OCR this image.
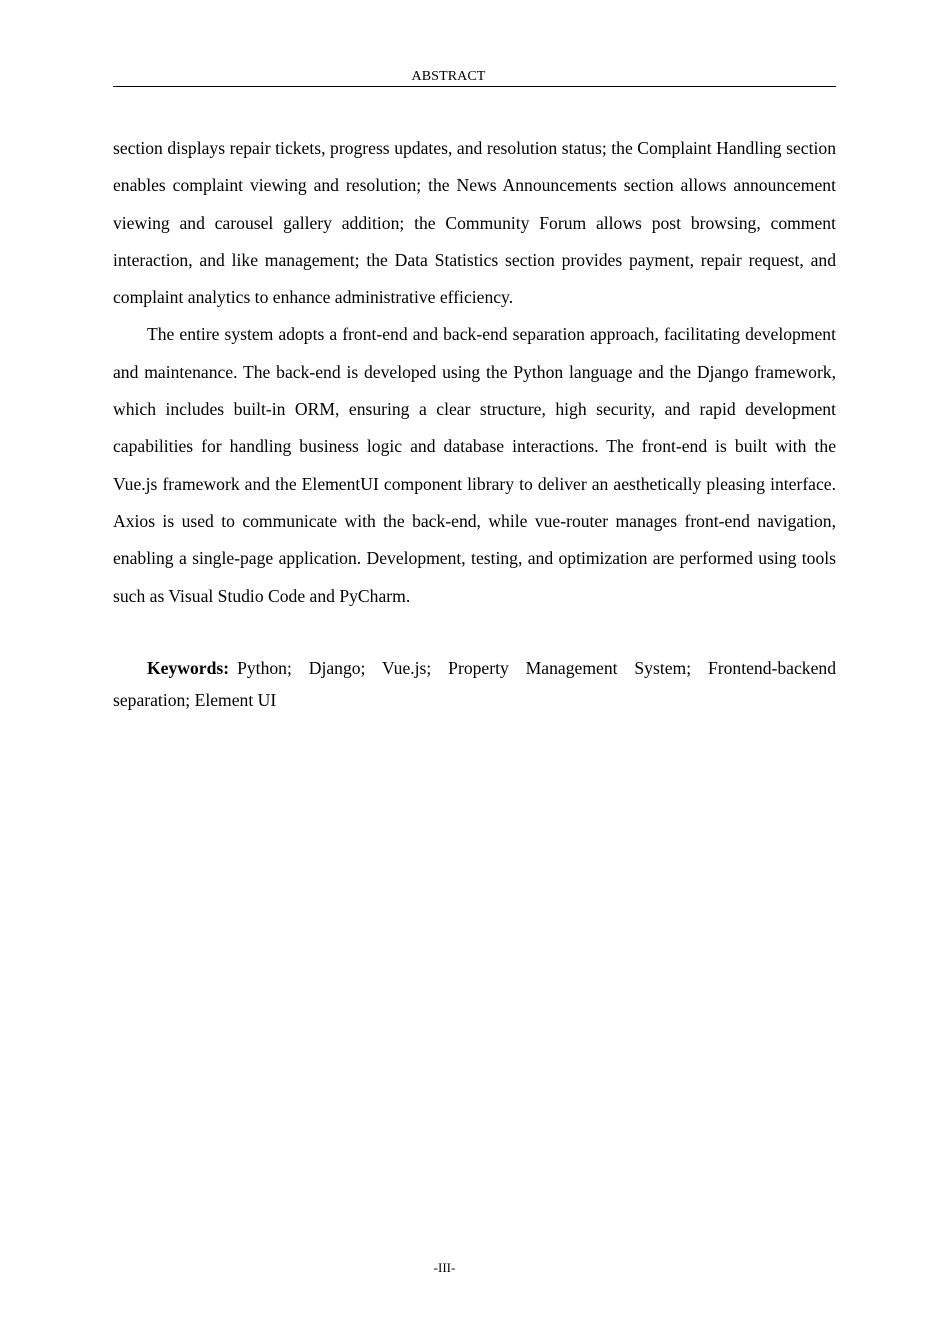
ABSTRACT

section displays repair tickets, progress updates, and resolution status; the Complaint Handling section enables complaint viewing and resolution; the News Announcements section allows announcement viewing and carousel gallery addition; the Community Forum allows post browsing, comment interaction, and like management; the Data Statistics section provides payment, repair request, and complaint analytics to enhance administrative efficiency.

The entire system adopts a front-end and back-end separation approach, facilitating development and maintenance. The back-end is developed using the Python language and the Django framework, which includes built-in ORM, ensuring a clear structure, high security, and rapid development capabilities for handling business logic and database interactions. The front-end is built with the Vue.js framework and the ElementUI component library to deliver an aesthetically pleasing interface. Axios is used to communicate with the back-end, while vue-router manages front-end navigation, enabling a single-page application. Development, testing, and optimization are performed using tools such as Visual Studio Code and PyCharm.

Keywords: Python; Django; Vue.js; Property Management System; Frontend-backend separation; Element UI

-III-
